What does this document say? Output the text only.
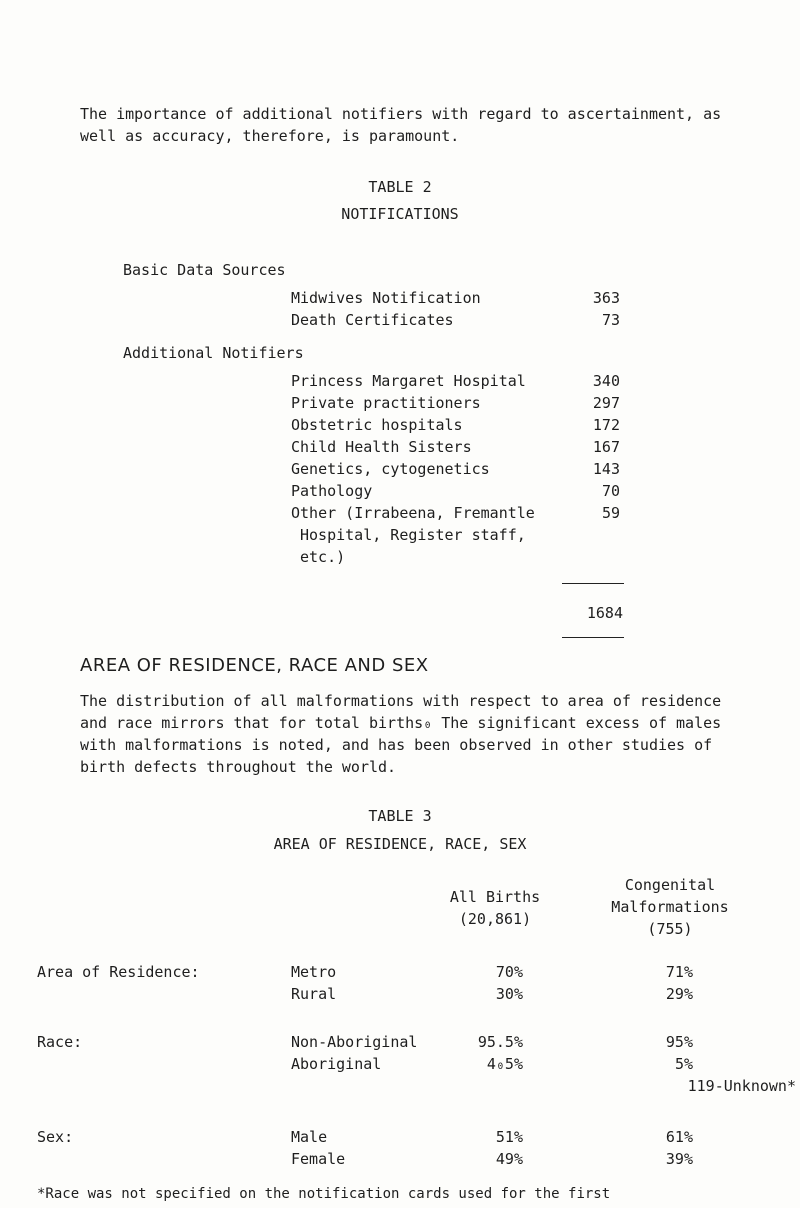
The importance of additional notifiers with regard to ascertainment, as
well as accuracy, therefore, is paramount.
TABLE 2
NOTIFICATIONS
Basic Data Sources
Midwives Notification	363
Death Certificates	73
Additional Notifiers
Princess Margaret Hospital	340
Private practitioners	297
Obstetric hospitals	172
Child Health Sisters	167
Genetics, cytogenetics	143
Pathology	70
Other (Irrabeena, Fremantle	59
Hospital, Register staff,
etc.)
1684
AREA OF RESIDENCE, RACE AND SEX
The distribution of all malformations with respect to area of residence
and race mirrors that for total births₀ The significant excess of males
with malformations is noted, and has been observed in other studies of
birth defects throughout the world.
TABLE 3
AREA OF RESIDENCE, RACE, SEX
All Births
(20,861)
Congenital
Malformations
(755)
Area of Residence:	Metro	70%	71%
Rural	30%	29%
Race:	Non-Aboriginal	95.5%	95%
Aboriginal	4₀5%	5%
119-Unknown*
Sex:	Male	51%	61%
Female	49%	39%
*Race was not specified on the notification cards used for the first
